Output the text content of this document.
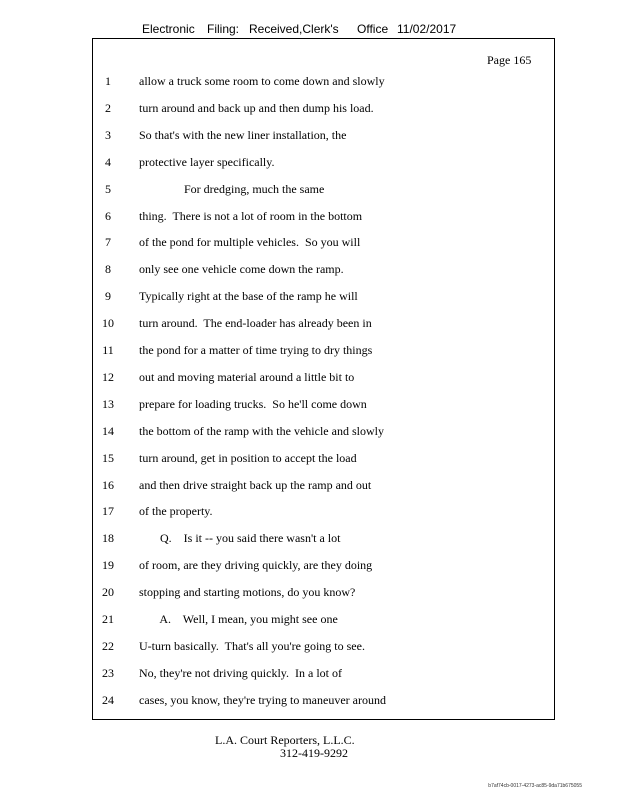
Electronic Filing: Received,Clerk's Office 11/02/2017
Page 165
1	allow a truck some room to come down and slowly
2	turn around and back up and then dump his load.
3	So that's with the new liner installation, the
4	protective layer specifically.
5	For dredging, much the same
6	thing.  There is not a lot of room in the bottom
7	of the pond for multiple vehicles.  So you will
8	only see one vehicle come down the ramp.
9	Typically right at the base of the ramp he will
10	turn around.  The end-loader has already been in
11	the pond for a matter of time trying to dry things
12	out and moving material around a little bit to
13	prepare for loading trucks.  So he'll come down
14	the bottom of the ramp with the vehicle and slowly
15	turn around, get in position to accept the load
16	and then drive straight back up the ramp and out
17	of the property.
18	Q.    Is it -- you said there wasn't a lot
19	of room, are they driving quickly, are they doing
20	stopping and starting motions, do you know?
21	A.    Well, I mean, you might see one
22	U-turn basically.  That's all you're going to see.
23	No, they're not driving quickly.  In a lot of
24	cases, you know, they're trying to maneuver around
L.A. Court Reporters, L.L.C.
312-419-9292
b7af74cb-0017-4273-ac85-9da71b675055
